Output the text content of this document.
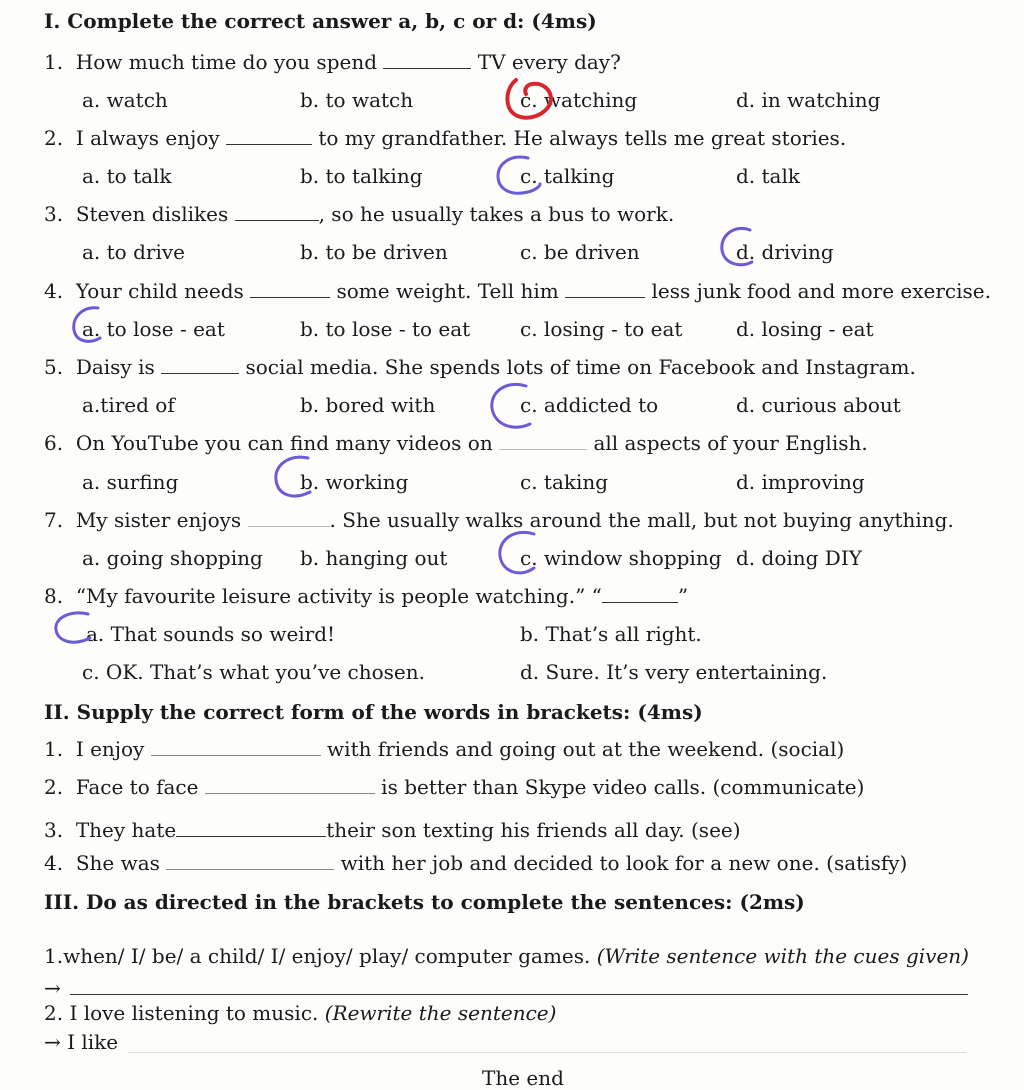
I. Complete the correct answer a, b, c or d: (4ms)
1. How much time do you spend	TV every day?
a. watch	b. to watch	c. watching	d. in watching
2. I always enjoy	to my grandfather. He always tells me great stories.
a. to talk	b. to talking	c. talking	d. talk
3. Steven dislikes	, so he usually takes a bus to work.
a. to drive	b. to be driven	c. be driven	d. driving
4. Your child needs	some weight. Tell him	less junk food and more exercise.
a. to lose - eat	b. to lose - to eat c. losing - to eat	d. losing - eat
5. Daisy is	social media. She spends lots of time on Facebook and Instagram.
a.tired of	b. bored with	c. addicted to	d. curious about
6. On YouTube you can find many videos on	all aspects of your English.
a. surfing	b. working	c. taking	d. improving
7. My sister enjoys	. She usually walks around the mall, but not buying anything.
a. going shopping b. hanging out	c. window shopping d. doing DIY
8. “My favourite leisure activity is people watching.” “	”
a. That sounds so weird!	b. That’s all right.
c. OK. That’s what you’ve chosen.	d. Sure. It’s very entertaining.
II. Supply the correct form of the words in brackets: (4ms)
1. I enjoy	with friends and going out at the weekend. (social)
2. Face to face	is better than Skype video calls. (communicate)
3. They hate	their son texting his friends all day. (see)
4. She was	with her job and decided to look for a new one. (satisfy)
III. Do as directed in the brackets to complete the sentences: (2ms)
1.when/ I/ be/ a child/ I/ enjoy/ play/ computer games. (Write sentence with the cues given)
→
2. I love listening to music. (Rewrite the sentence)
→ I like
The end
